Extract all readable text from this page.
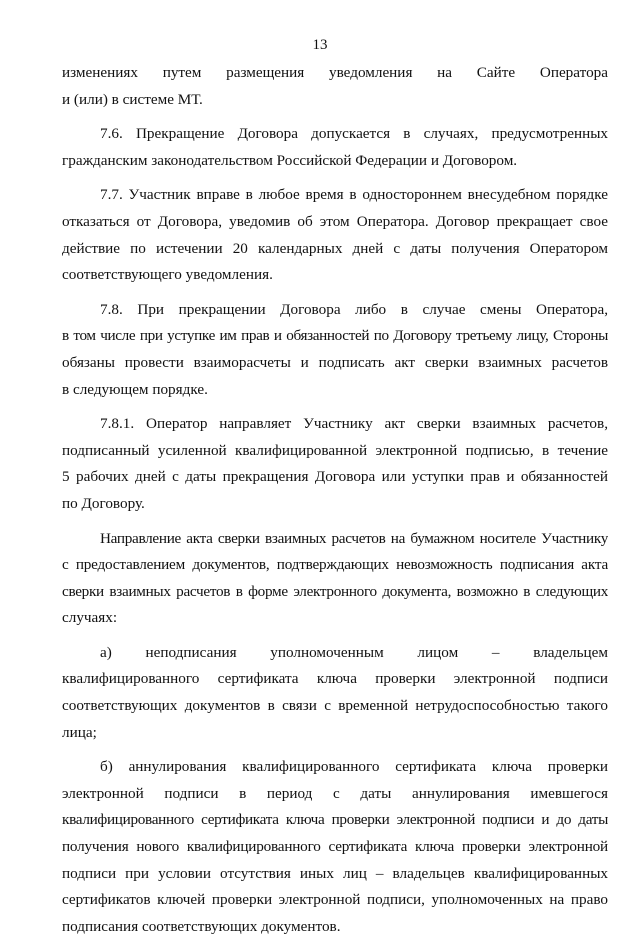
13
изменениях путем размещения уведомления на Сайте Оператора
и (или) в системе МТ.
7.6. Прекращение Договора допускается в случаях, предусмотренных
гражданским законодательством Российской Федерации и Договором.
7.7. Участник вправе в любое время в одностороннем внесудебном порядке
отказаться от Договора, уведомив об этом Оператора. Договор прекращает свое
действие по истечении 20 календарных дней с даты получения Оператором
соответствующего уведомления.
7.8. При прекращении Договора либо в случае смены Оператора,
в том числе при уступке им прав и обязанностей по Договору третьему лицу, Стороны
обязаны провести взаиморасчеты и подписать акт сверки взаимных расчетов
в следующем порядке.
7.8.1. Оператор направляет Участнику акт сверки взаимных расчетов,
подписанный усиленной квалифицированной электронной подписью, в течение
5 рабочих дней с даты прекращения Договора или уступки прав и обязанностей
по Договору.
Направление акта сверки взаимных расчетов на бумажном носителе Участнику
с предоставлением документов, подтверждающих невозможность подписания акта
сверки взаимных расчетов в форме электронного документа, возможно в следующих
случаях:
а) неподписания уполномоченным лицом – владельцем
квалифицированного сертификата ключа проверки электронной подписи
соответствующих документов в связи с временной нетрудоспособностью такого
лица;
б) аннулирования квалифицированного сертификата ключа проверки
электронной подписи в период с даты аннулирования имевшегося
квалифицированного сертификата ключа проверки электронной подписи и до даты
получения нового квалифицированного сертификата ключа проверки электронной
подписи при условии отсутствия иных лиц – владельцев квалифицированных
сертификатов ключей проверки электронной подписи, уполномоченных на право
подписания соответствующих документов.
